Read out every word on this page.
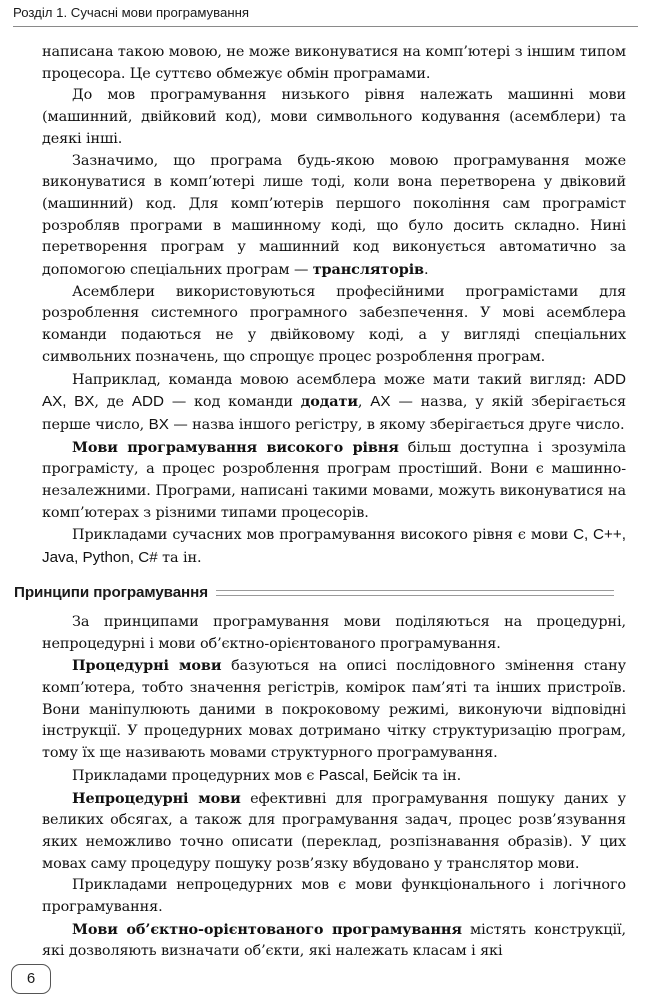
Розділ 1. Сучасні мови програмування

написана такою мовою, не може виконуватися на комп’ютері з іншим типом процесора. Це суттєво обмежує обмін програмами.

До мов програмування низького рівня належать машинні мови (машинний, двійковий код), мови символьного кодування (асемблери) та деякі інші.

Зазначимо, що програма будь-якою мовою програмування може виконуватися в комп’ютері лише тоді, коли вона перетворена у двіковий (машинний) код. Для комп’ютерів першого покоління сам програміст розробляв програми в машинному коді, що було досить складно. Нині перетворення програм у машинний код виконується автоматично за допомогою спеціальних програм — трансляторів.

Асемблери використовуються професійними програмістами для розроблення системного програмного забезпечення. У мові асемблера команди подаються не у двійковому коді, а у вигляді спеціальних символьних позначень, що спрощує процес розроблення програм.

Наприклад, команда мовою асемблера може мати такий вигляд: ADD AX, BX, де ADD — код команди додати, AX — назва, у якій зберігається перше число, BX — назва іншого регістру, в якому зберігається друге число.

Мови програмування високого рівня більш доступна і зрозуміла програмісту, а процес розроблення програм простіший. Вони є машинно-незалежними. Програми, написані такими мовами, можуть виконуватися на комп’ютерах з різними типами процесорів.

Прикладами сучасних мов програмування високого рівня є мови C, C++, Java, Python, C# та ін.

Принципи програмування

За принципами програмування мови поділяються на процедурні, непроцедурні і мови об’єктно-орієнтованого програмування.

Процедурні мови базуються на описі послідовного змінення стану комп’ютера, тобто значення регістрів, комірок пам’яті та інших пристроїв. Вони маніпулюють даними в покроковому режимі, виконуючи відповідні інструкції. У процедурних мовах дотримано чітку структуризацію програм, тому їх ще називають мовами структурного програмування.

Прикладами процедурних мов є Pascal, Бейсік та ін.

Непроцедурні мови ефективні для програмування пошуку даних у великих обсягах, а також для програмування задач, процес розв’язування яких неможливо точно описати (переклад, розпізнавання образів). У цих мовах саму процедуру пошуку розв’язку вбудовано у транслятор мови.

Прикладами непроцедурних мов є мови функціонального і логічного програмування.

Мови об’єктно-орієнтованого програмування містять конструкції, які дозволяють визначати об’єкти, які належать класам і які

6
